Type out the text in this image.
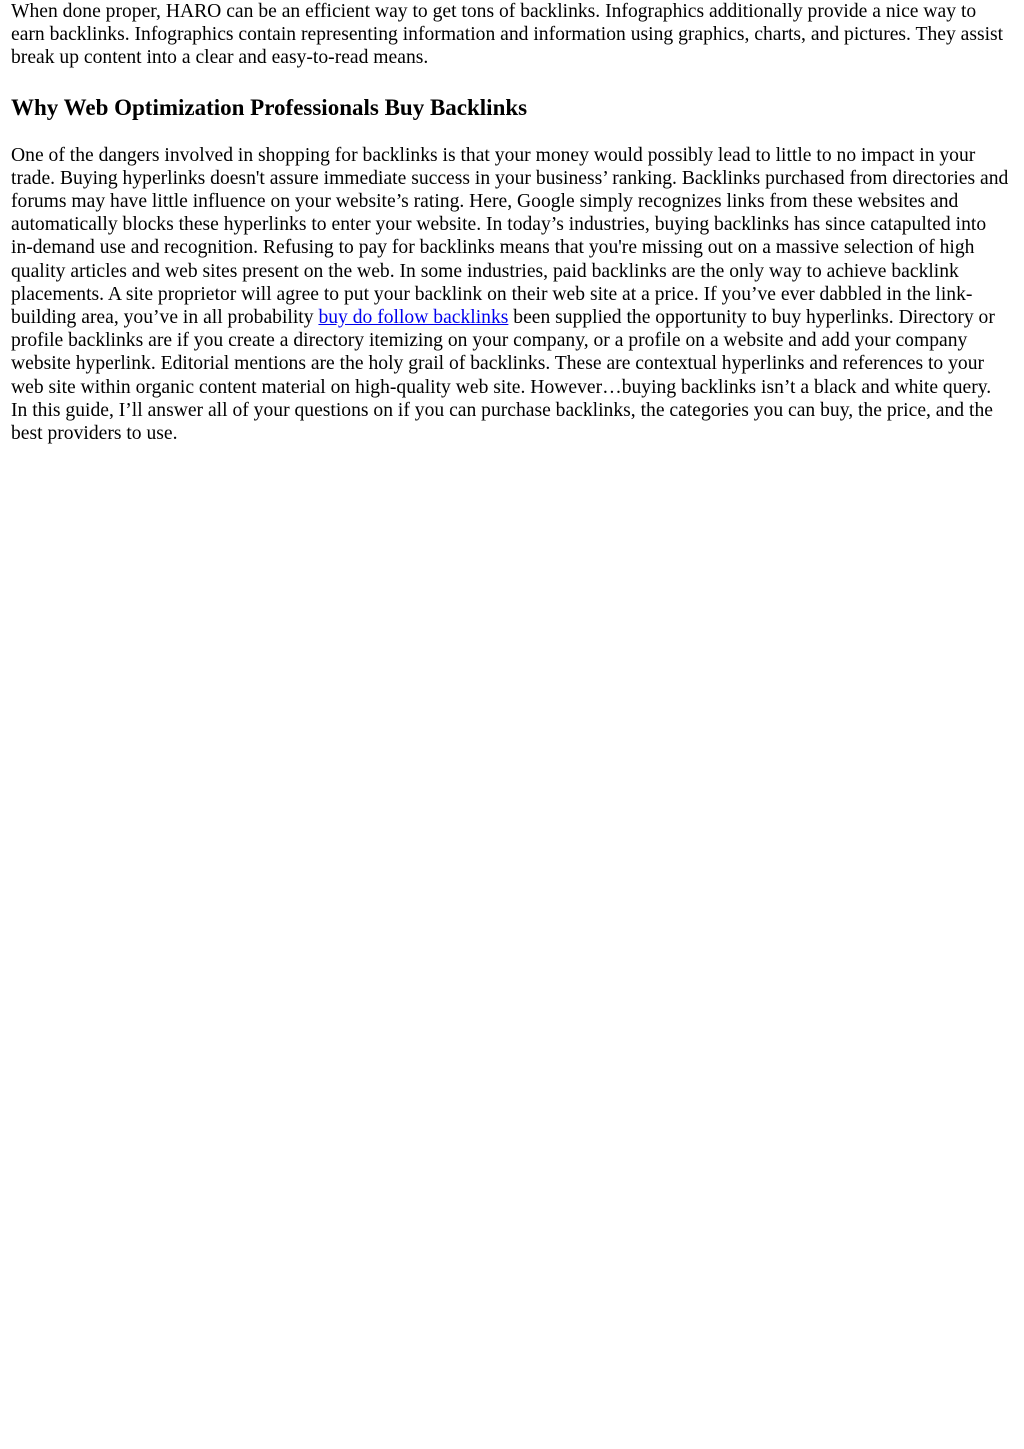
When done proper, HARO can be an efficient way to get tons of backlinks. Infographics additionally provide a nice way to earn backlinks. Infographics contain representing information and information using graphics, charts, and pictures. They assist break up content into a clear and easy-to-read means.

Why Web Optimization Professionals Buy Backlinks

One of the dangers involved in shopping for backlinks is that your money would possibly lead to little to no impact in your trade. Buying hyperlinks doesn't assure immediate success in your business’ ranking. Backlinks purchased from directories and forums may have little influence on your website’s rating. Here, Google simply recognizes links from these websites and automatically blocks these hyperlinks to enter your website. In today’s industries, buying backlinks has since catapulted into in-demand use and recognition. Refusing to pay for backlinks means that you're missing out on a massive selection of high quality articles and web sites present on the web. In some industries, paid backlinks are the only way to achieve backlink placements. A site proprietor will agree to put your backlink on their web site at a price. If you’ve ever dabbled in the link-building area, you’ve in all probability buy do follow backlinks been supplied the opportunity to buy hyperlinks. Directory or profile backlinks are if you create a directory itemizing on your company, or a profile on a website and add your company website hyperlink. Editorial mentions are the holy grail of backlinks. These are contextual hyperlinks and references to your web site within organic content material on high-quality web site. However…buying backlinks isn’t a black and white query. In this guide, I’ll answer all of your questions on if you can purchase backlinks, the categories you can buy, the price, and the best providers to use.
